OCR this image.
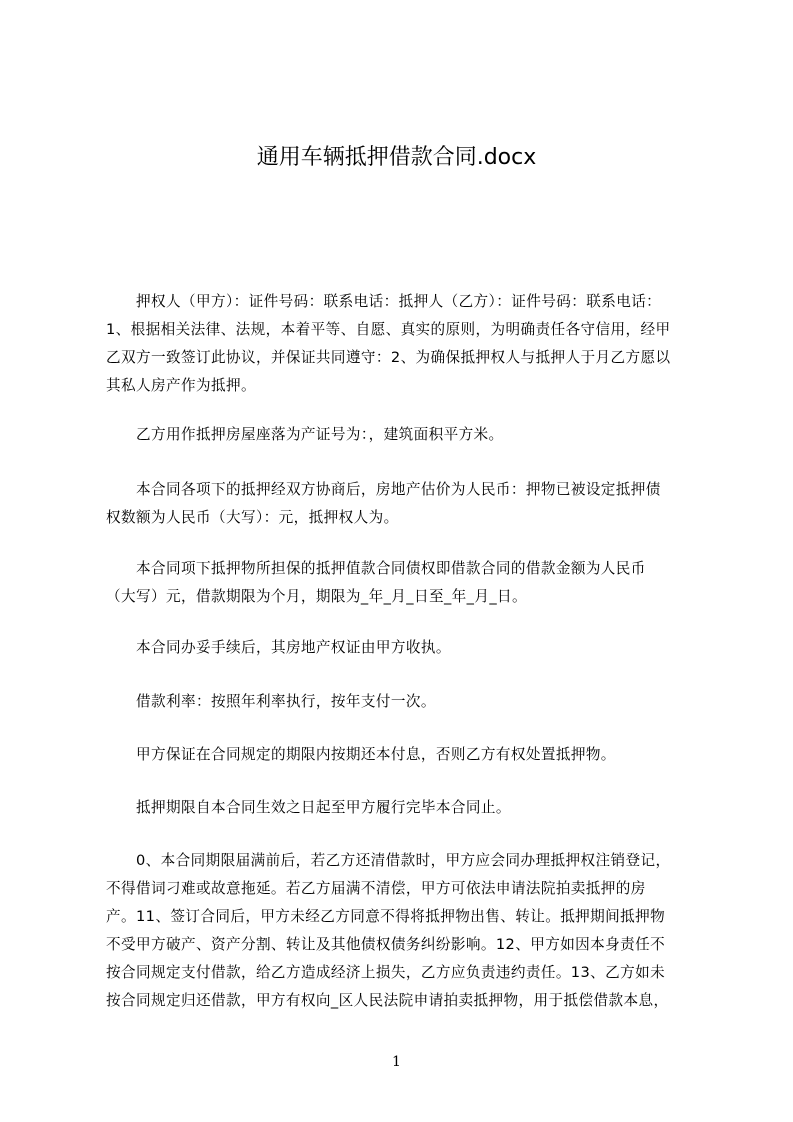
通用车辆抵押借款合同.docx
押权人（甲方）：证件号码：联系电话：抵押人（乙方）：证件号码：联系电话：
1、根据相关法律、法规，本着平等、自愿、真实的原则，为明确责任各守信用，经甲
乙双方一致签订此协议，并保证共同遵守：2、为确保抵押权人与抵押人于月乙方愿以
其私人房产作为抵押。
乙方用作抵押房屋座落为产证号为：，建筑面积平方米。
本合同各项下的抵押经双方协商后，房地产估价为人民币：押物已被设定抵押债
权数额为人民币（大写）：元，抵押权人为。
本合同项下抵押物所担保的抵押值款合同债权即借款合同的借款金额为人民币
（大写）元，借款期限为个月，期限为_年_月_日至_年_月_日。
本合同办妥手续后，其房地产权证由甲方收执。
借款利率：按照年利率执行，按年支付一次。
甲方保证在合同规定的期限内按期还本付息，否则乙方有权处置抵押物。
抵押期限自本合同生效之日起至甲方履行完毕本合同止。
0、本合同期限届满前后，若乙方还清借款时，甲方应会同办理抵押权注销登记，
不得借词刁难或故意拖延。若乙方届满不清偿，甲方可依法申请法院拍卖抵押的房
产。11、签订合同后，甲方未经乙方同意不得将抵押物出售、转让。抵押期间抵押物
不受甲方破产、资产分割、转让及其他债权债务纠纷影响。12、甲方如因本身责任不
按合同规定支付借款，给乙方造成经济上损失，乙方应负责违约责任。13、乙方如未
按合同规定归还借款，甲方有权向_区人民法院申请拍卖抵押物，用于抵偿借款本息，
1
